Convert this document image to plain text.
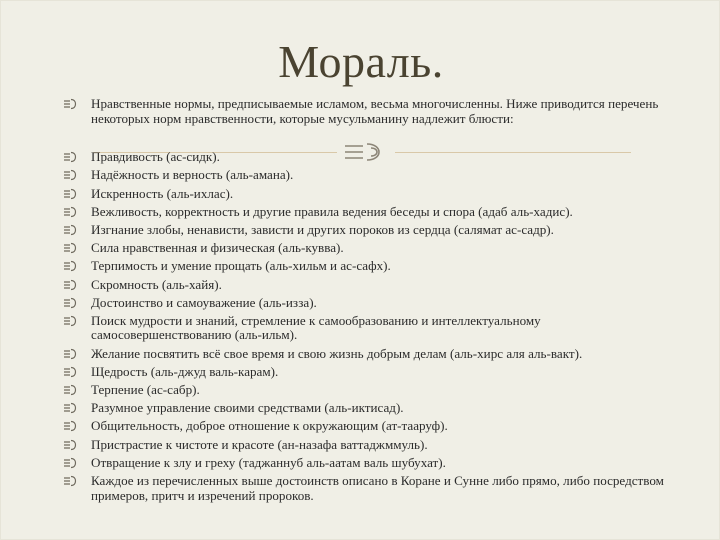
Мораль.
Нравственные нормы, предписываемые исламом, весьма многочисленны. Ниже приводится перечень некоторых норм нравственности, которые мусульманину надлежит блюсти:
Правдивость (ас-сидк).
Надёжность и верность (аль-амана).
Искренность (аль-ихлас).
Вежливость, корректность и другие правила ведения беседы и спора (адаб аль-хадис).
Изгнание злобы, ненависти, зависти и других пороков из сердца (салямат ас-садр).
Сила нравственная и физическая (аль-кувва).
Терпимость и умение прощать (аль-хильм и ас-сафх).
Скромность (аль-хайя).
Достоинство и самоуважение (аль-изза).
Поиск мудрости и знаний, стремление к самообразованию и интеллектуальному самосовершенствованию (аль-ильм).
Желание посвятить всё свое время и свою жизнь добрым делам (аль-хирс аля аль-вакт).
Щедрость (аль-джуд валь-карам).
Терпение (ас-сабр).
Разумное управление своими средствами (аль-иктисад).
Общительность, доброе отношение к окружающим (ат-тааруф).
Пристрастие к чистоте и красоте (ан-назафа ваттаджммуль).
Отвращение к злу и греху (таджаннуб аль-аатам валь шубухат).
Каждое из перечисленных выше достоинств описано в Коране и Сунне либо прямо, либо посредством примеров, притч и изречений пророков.
